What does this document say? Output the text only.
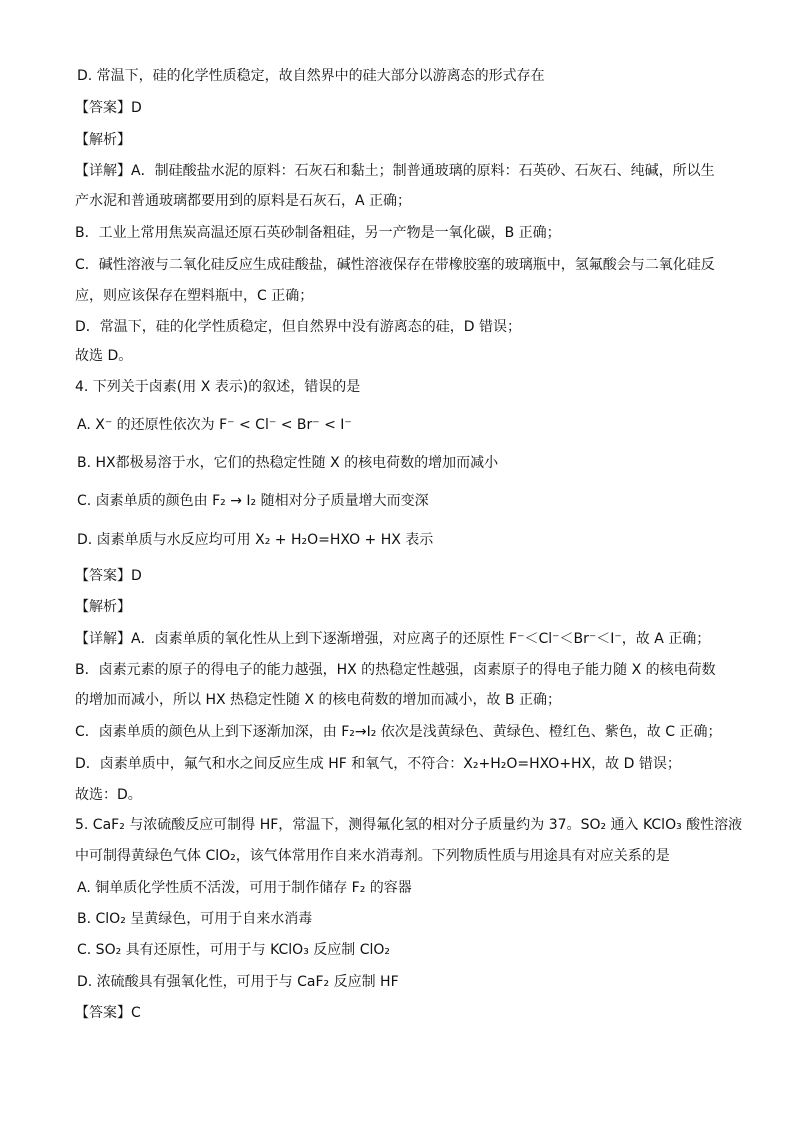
D. 常温下，硅的化学性质稳定，故自然界中的硅大部分以游离态的形式存在
【答案】D
【解析】
【详解】A．制硅酸盐水泥的原料：石灰石和黏土；制普通玻璃的原料：石英砂、石灰石、纯碱，所以生
产水泥和普通玻璃都要用到的原料是石灰石，A 正确；
B．工业上常用焦炭高温还原石英砂制备粗硅，另一产物是一氧化碳，B 正确；
C．碱性溶液与二氧化硅反应生成硅酸盐，碱性溶液保存在带橡胶塞的玻璃瓶中，氢氟酸会与二氧化硅反
应，则应该保存在塑料瓶中，C 正确；
D．常温下，硅的化学性质稳定，但自然界中没有游离态的硅，D 错误；
故选 D。
4. 下列关于卤素(用 X 表示)的叙述，错误的是
A. X⁻ 的还原性依次为 F⁻ < Cl⁻ < Br⁻ < I⁻
B. HX都极易溶于水，它们的热稳定性随 X 的核电荷数的增加而减小
C. 卤素单质的颜色由 F₂ → I₂ 随相对分子质量增大而变深
D. 卤素单质与水反应均可用 X₂ + H₂O=HXO + HX 表示
【答案】D
【解析】
【详解】A．卤素单质的氧化性从上到下逐渐增强，对应离子的还原性 F⁻＜Cl⁻＜Br⁻＜I⁻，故 A 正确；
B．卤素元素的原子的得电子的能力越强，HX 的热稳定性越强，卤素原子的得电子能力随 X 的核电荷数
的增加而减小，所以 HX 热稳定性随 X 的核电荷数的增加而减小，故 B 正确；
C．卤素单质的颜色从上到下逐渐加深，由 F₂→I₂ 依次是浅黄绿色、黄绿色、橙红色、紫色，故 C 正确；
D．卤素单质中，氟气和水之间反应生成 HF 和氧气，不符合：X₂+H₂O=HXO+HX，故 D 错误；
故选：D。
5. CaF₂ 与浓硫酸反应可制得 HF，常温下，测得氟化氢的相对分子质量约为 37。SO₂ 通入 KClO₃ 酸性溶液
中可制得黄绿色气体 ClO₂，该气体常用作自来水消毒剂。下列物质性质与用途具有对应关系的是
A. 铜单质化学性质不活泼，可用于制作储存 F₂ 的容器
B. ClO₂ 呈黄绿色，可用于自来水消毒
C. SO₂ 具有还原性，可用于与 KClO₃ 反应制 ClO₂
D. 浓硫酸具有强氧化性，可用于与 CaF₂ 反应制 HF
【答案】C
